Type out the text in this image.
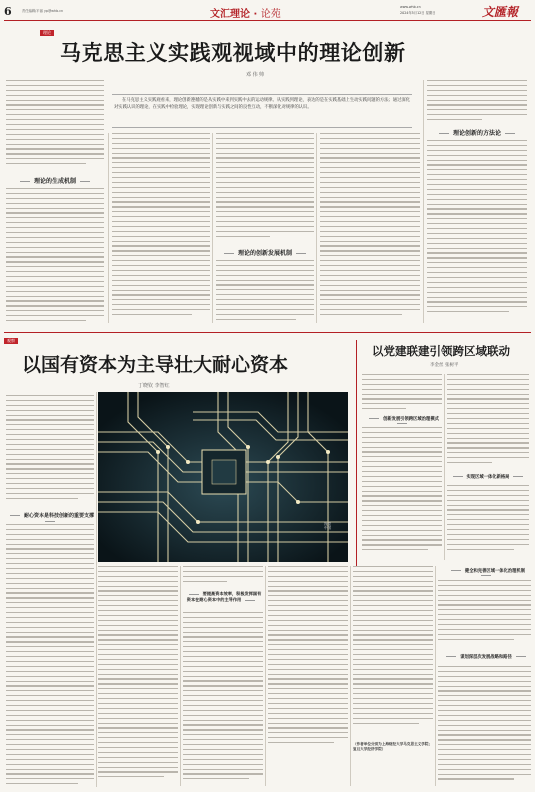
6	责任编辑/平丽 yp@whb.cn	文汇理论 · 论苑
www.whb.cn
2024年5月12日 星期日	文匯報
理论
马克思主义实践观视域中的理论创新
邓 伟 帅
在马克思主义实践观看来，理论创新遵循的是从实践中来到实践中去的运动规律。从实践到理论，表达的是在实践基础上生动实践问题的方法；通过深化对实践认识的理论，在实践中检验理论，实现理论创新与实践之间的良性互动，不断深化对规律的认识。
理论的生成机制
理论的创新发展机制
理论创新的方法论
观察
以国有资本为主导壮大耐心资本
丁晓钦 李智红
耐心资本是科技创新的重要支撑
视觉中国
要提高资本效率，积极发挥国有资本在耐心资本中的主导作用
（作者单位分别为上海财经大学马克思主义学院；复旦大学经济学院）
以党建联建引领跨区域联动
李金丝 张树平
创新发展引领跨区域治理模式
实现区域一体化新格局
健全和完善区域一体化治理机制
谋划深层次发展战略和路径
